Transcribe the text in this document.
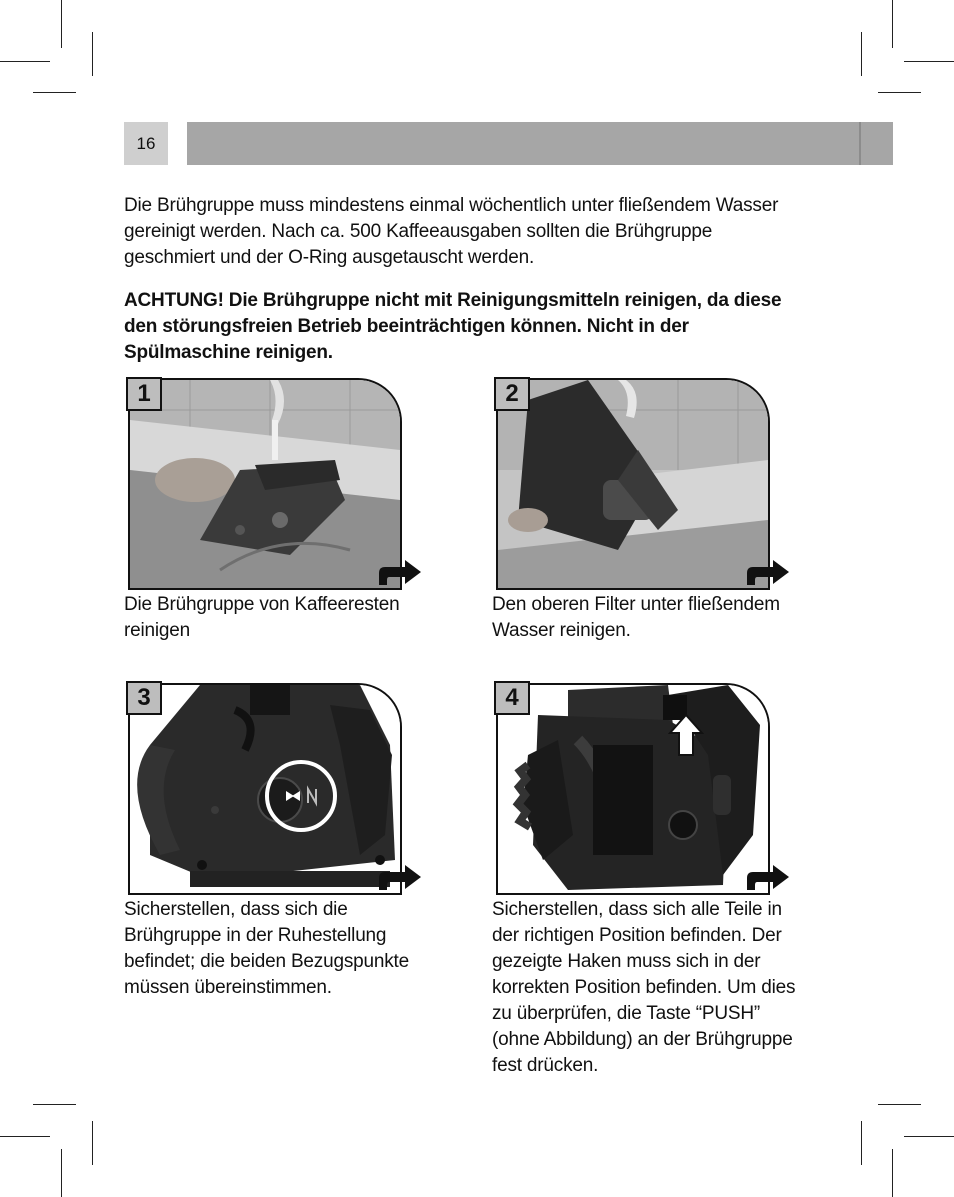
16
Die Brühgruppe muss mindestens einmal wöchentlich unter fließendem Wasser
gereinigt werden. Nach ca. 500 Kaffeeausgaben sollten die Brühgruppe
geschmiert und der O-Ring ausgetauscht werden.
ACHTUNG! Die Brühgruppe nicht mit Reinigungsmitteln reinigen, da diese
den störungsfreien Betrieb beeinträchtigen können. Nicht in der
Spülmaschine reinigen.
1
Die Brühgruppe von Kaffeeresten
reinigen
2
Den oberen Filter unter fließendem
Wasser reinigen.
3
Sicherstellen, dass sich die
Brühgruppe in der Ruhestellung
befindet; die beiden Bezugspunkte
müssen übereinstimmen.
4
Sicherstellen, dass sich alle Teile in
der richtigen Position befinden. Der
gezeigte Haken muss sich in der
korrekten Position befinden. Um dies
zu überprüfen, die Taste “PUSH”
(ohne Abbildung) an der Brühgruppe
fest drücken.
